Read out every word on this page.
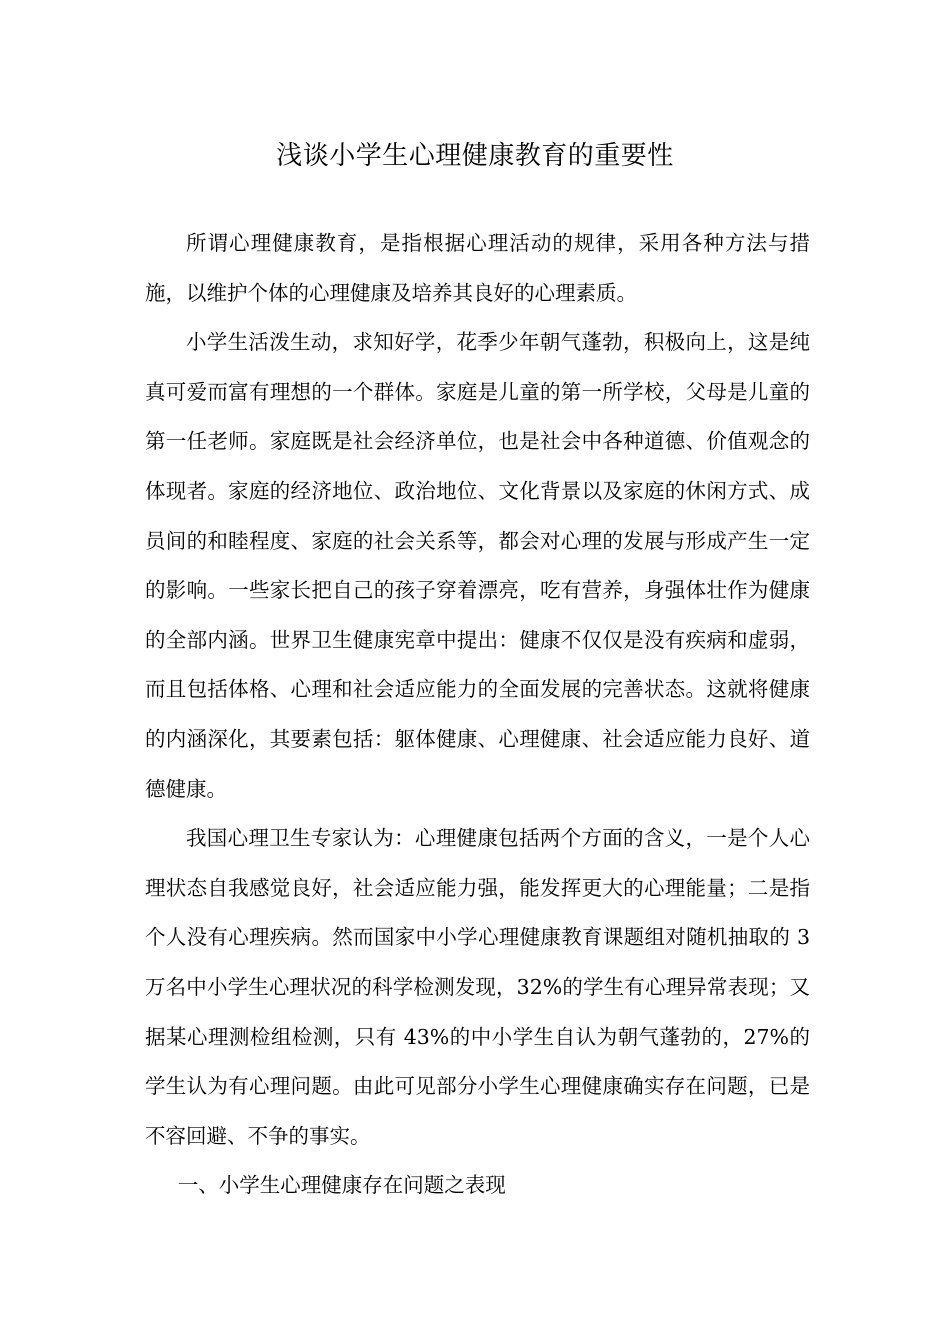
浅谈小学生心理健康教育的重要性

所谓心理健康教育，是指根据心理活动的规律，采用各种方法与措施，以维护个体的心理健康及培养其良好的心理素质。

小学生活泼生动，求知好学，花季少年朝气蓬勃，积极向上，这是纯真可爱而富有理想的一个群体。家庭是儿童的第一所学校，父母是儿童的第一任老师。家庭既是社会经济单位，也是社会中各种道德、价值观念的体现者。家庭的经济地位、政治地位、文化背景以及家庭的休闲方式、成员间的和睦程度、家庭的社会关系等，都会对心理的发展与形成产生一定的影响。一些家长把自己的孩子穿着漂亮，吃有营养，身强体壮作为健康的全部内涵。世界卫生健康宪章中提出：健康不仅仅是没有疾病和虚弱，而且包括体格、心理和社会适应能力的全面发展的完善状态。这就将健康的内涵深化，其要素包括：躯体健康、心理健康、社会适应能力良好、道德健康。

我国心理卫生专家认为：心理健康包括两个方面的含义，一是个人心理状态自我感觉良好，社会适应能力强，能发挥更大的心理能量；二是指个人没有心理疾病。然而国家中小学心理健康教育课题组对随机抽取的 3 万名中小学生心理状况的科学检测发现，32%的学生有心理异常表现；又据某心理测检组检测，只有 43%的中小学生自认为朝气蓬勃的，27%的学生认为有心理问题。由此可见部分小学生心理健康确实存在问题，已是不容回避、不争的事实。

一、小学生心理健康存在问题之表现
